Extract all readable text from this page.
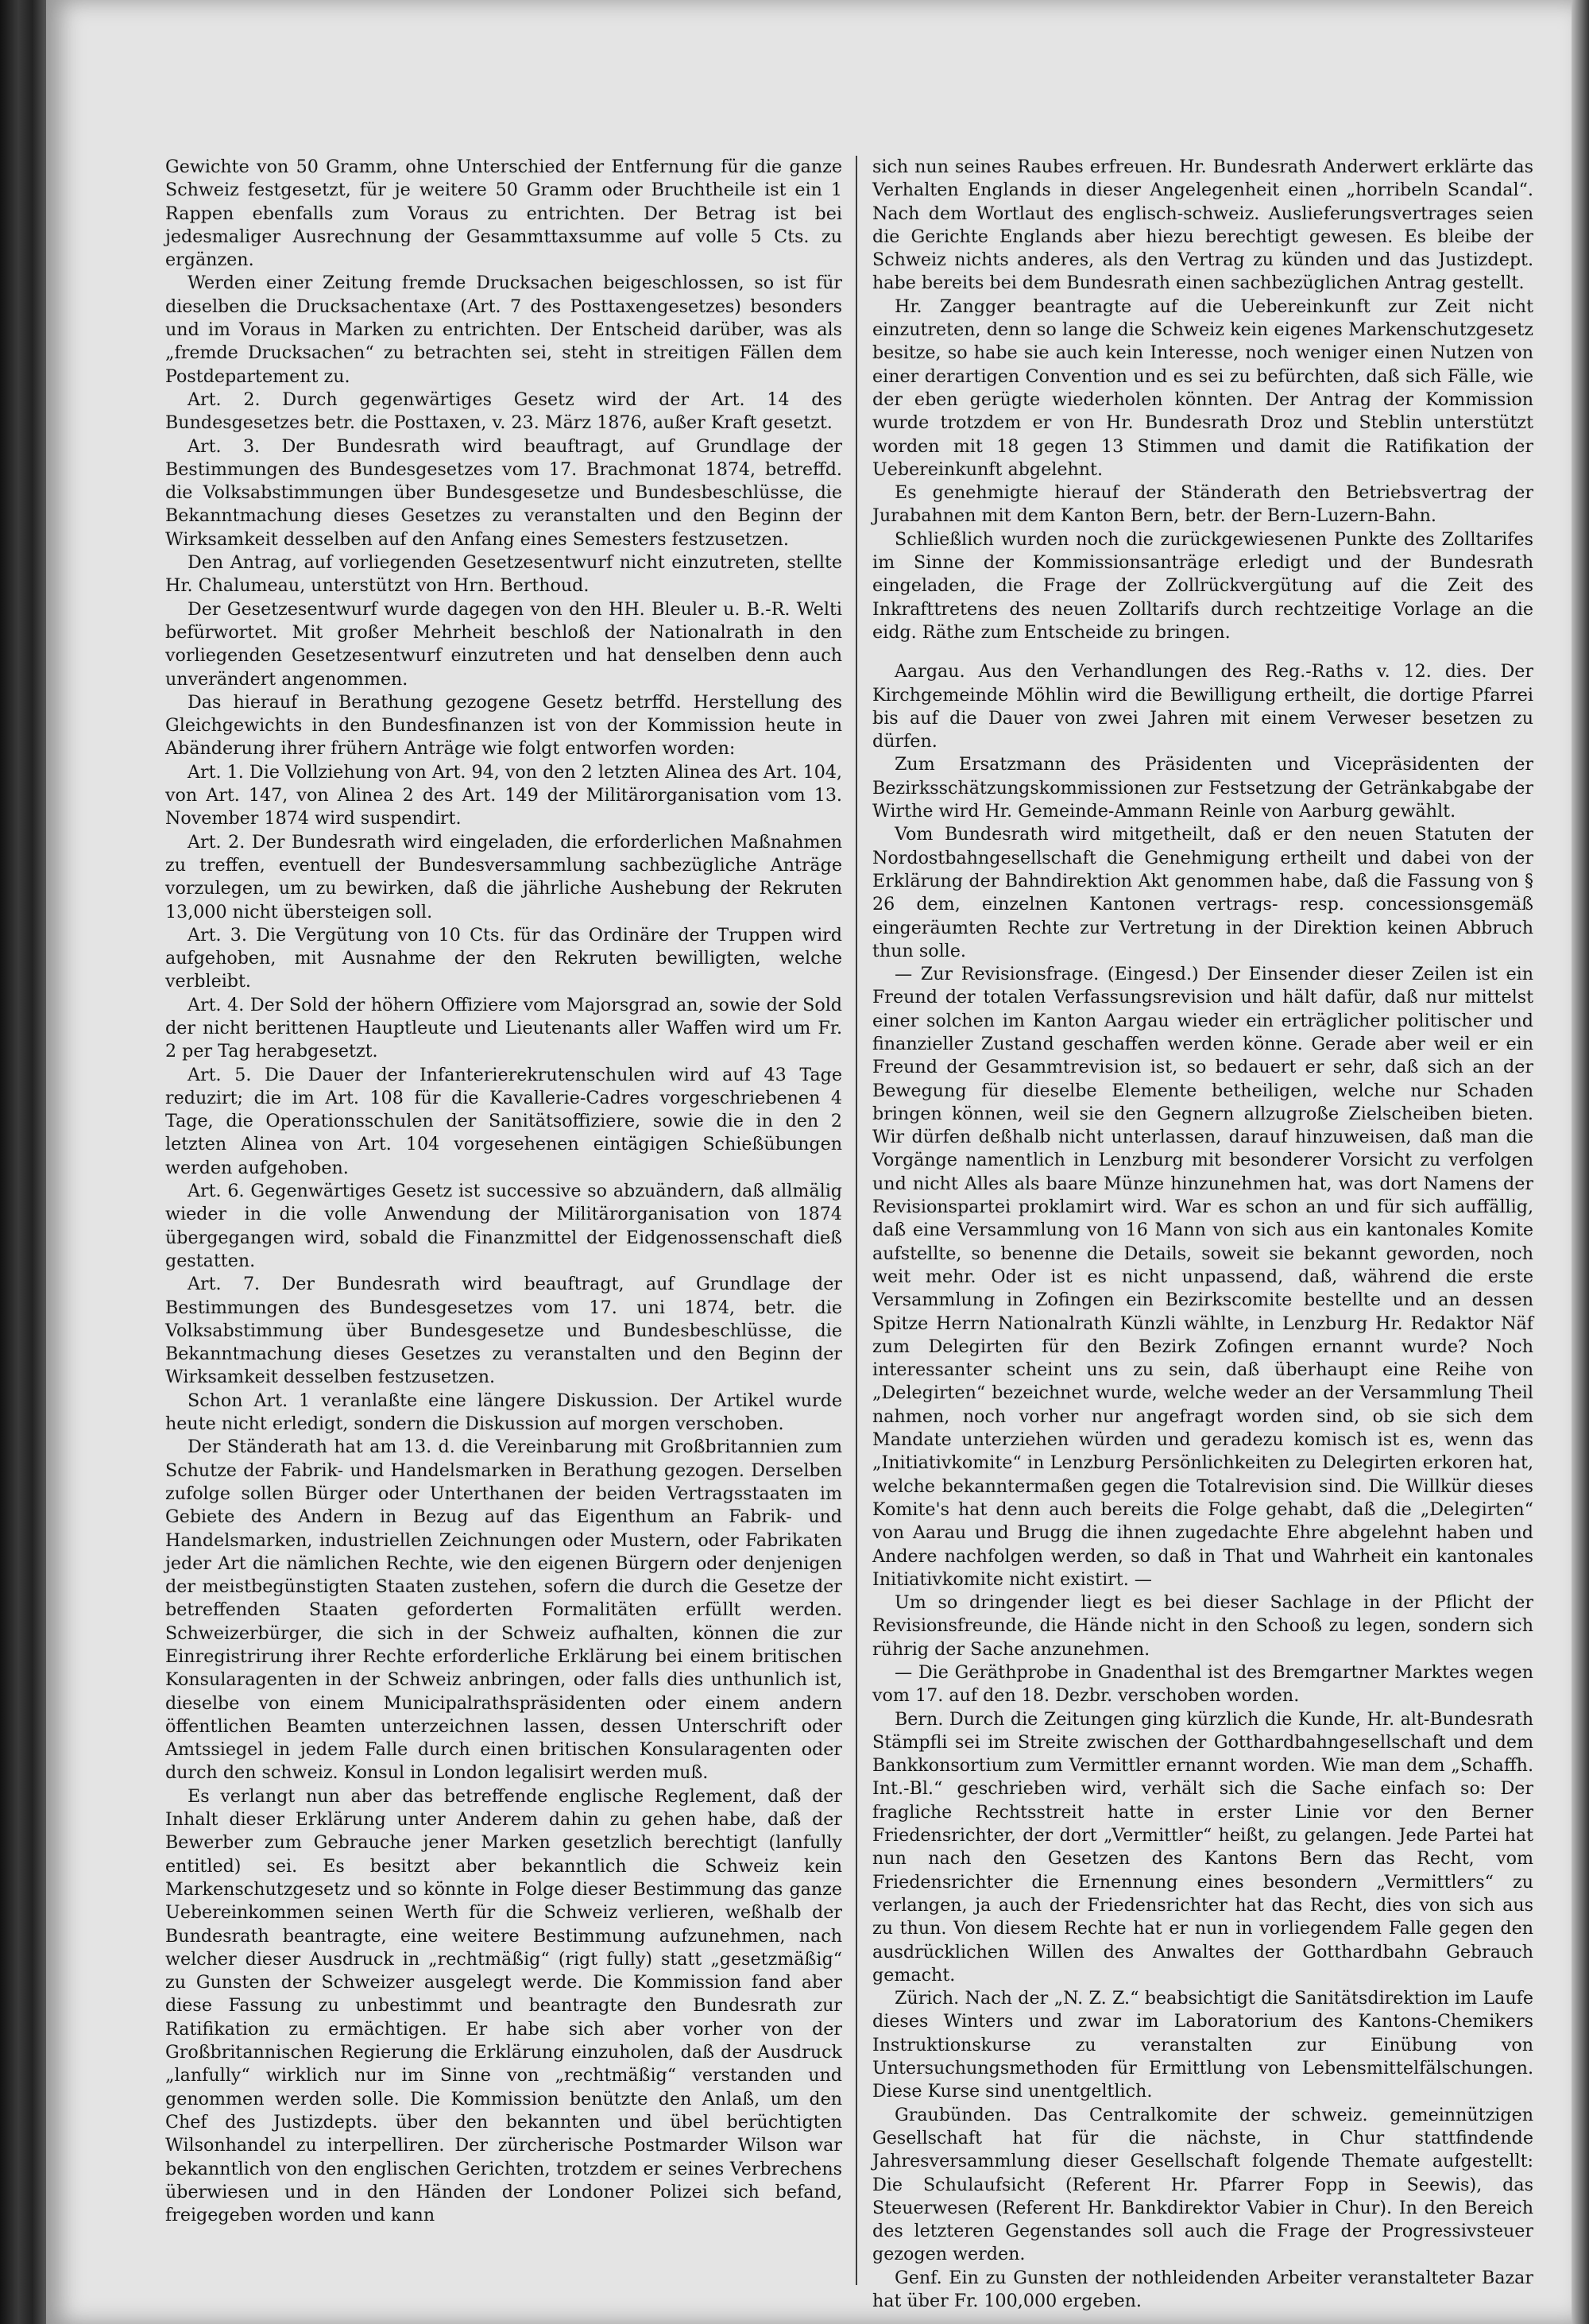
Gewichte von 50 Gramm, ohne Unterschied der Entfernung für die ganze Schweiz festgesetzt, für je weitere 50 Gramm oder Bruchtheile ist ein 1 Rappen ebenfalls zum Voraus zu entrichten. Der Betrag ist bei jedesmaliger Ausrechnung der Gesammttaxsumme auf volle 5 Cts. zu ergänzen.

Werden einer Zeitung fremde Drucksachen beigeschlossen, so ist für dieselben die Drucksachentaxe (Art. 7 des Posttaxengesetzes) besonders und im Voraus in Marken zu entrichten. Der Entscheid darüber, was als „fremde Drucksachen“ zu betrachten sei, steht in streitigen Fällen dem Postdepartement zu.

Art. 2. Durch gegenwärtiges Gesetz wird der Art. 14 des Bundesgesetzes betr. die Posttaxen, v. 23. März 1876, außer Kraft gesetzt.

Art. 3. Der Bundesrath wird beauftragt, auf Grundlage der Bestimmungen des Bundesgesetzes vom 17. Brachmonat 1874, betreffd. die Volksabstimmungen über Bundesgesetze und Bundesbeschlüsse, die Bekanntmachung dieses Gesetzes zu veranstalten und den Beginn der Wirksamkeit desselben auf den Anfang eines Semesters festzusetzen.

Den Antrag, auf vorliegenden Gesetzesentwurf nicht einzutreten, stellte Hr. Chalumeau, unterstützt von Hrn. Berthoud.

Der Gesetzesentwurf wurde dagegen von den HH. Bleuler u. B.-R. Welti befürwortet. Mit großer Mehrheit beschloß der Nationalrath in den vorliegenden Gesetzesentwurf einzutreten und hat denselben denn auch unverändert angenommen.

Das hierauf in Berathung gezogene Gesetz betrffd. Herstellung des Gleichgewichts in den Bundesfinanzen ist von der Kommission heute in Abänderung ihrer frühern Anträge wie folgt entworfen worden:

Art. 1. Die Vollziehung von Art. 94, von den 2 letzten Alinea des Art. 104, von Art. 147, von Alinea 2 des Art. 149 der Militärorganisation vom 13. November 1874 wird suspendirt.

Art. 2. Der Bundesrath wird eingeladen, die erforderlichen Maßnahmen zu treffen, eventuell der Bundesversammlung sachbezügliche Anträge vorzulegen, um zu bewirken, daß die jährliche Aushebung der Rekruten 13,000 nicht übersteigen soll.

Art. 3. Die Vergütung von 10 Cts. für das Ordinäre der Truppen wird aufgehoben, mit Ausnahme der den Rekruten bewilligten, welche verbleibt.

Art. 4. Der Sold der höhern Offiziere vom Majorsgrad an, sowie der Sold der nicht berittenen Hauptleute und Lieutenants aller Waffen wird um Fr. 2 per Tag herabgesetzt.

Art. 5. Die Dauer der Infanterierekrutenschulen wird auf 43 Tage reduzirt; die im Art. 108 für die Kavallerie-Cadres vorgeschriebenen 4 Tage, die Operationsschulen der Sanitätsoffiziere, sowie die in den 2 letzten Alinea von Art. 104 vorgesehenen eintägigen Schießübungen werden aufgehoben.

Art. 6. Gegenwärtiges Gesetz ist successive so abzuändern, daß allmälig wieder in die volle Anwendung der Militärorganisation von 1874 übergegangen wird, sobald die Finanzmittel der Eidgenossenschaft dieß gestatten.

Art. 7. Der Bundesrath wird beauftragt, auf Grundlage der Bestimmungen des Bundesgesetzes vom 17. uni 1874, betr. die Volksabstimmung über Bundesgesetze und Bundesbeschlüsse, die Bekanntmachung dieses Gesetzes zu veranstalten und den Beginn der Wirksamkeit desselben festzusetzen.

Schon Art. 1 veranlaßte eine längere Diskussion. Der Artikel wurde heute nicht erledigt, sondern die Diskussion auf morgen verschoben.

Der Ständerath hat am 13. d. die Vereinbarung mit Großbritannien zum Schutze der Fabrik- und Handelsmarken in Berathung gezogen. Derselben zufolge sollen Bürger oder Unterthanen der beiden Vertragsstaaten im Gebiete des Andern in Bezug auf das Eigenthum an Fabrik- und Handelsmarken, industriellen Zeichnungen oder Mustern, oder Fabrikaten jeder Art die nämlichen Rechte, wie den eigenen Bürgern oder denjenigen der meistbegünstigten Staaten zustehen, sofern die durch die Gesetze der betreffenden Staaten geforderten Formalitäten erfüllt werden. Schweizerbürger, die sich in der Schweiz aufhalten, können die zur Einregistrirung ihrer Rechte erforderliche Erklärung bei einem britischen Konsularagenten in der Schweiz anbringen, oder falls dies unthunlich ist, dieselbe von einem Municipalrathspräsidenten oder einem andern öffentlichen Beamten unterzeichnen lassen, dessen Unterschrift oder Amtssiegel in jedem Falle durch einen britischen Konsularagenten oder durch den schweiz. Konsul in London legalisirt werden muß.

Es verlangt nun aber das betreffende englische Reglement, daß der Inhalt dieser Erklärung unter Anderem dahin zu gehen habe, daß der Bewerber zum Gebrauche jener Marken gesetzlich berechtigt (lanfully entitled) sei. Es besitzt aber bekanntlich die Schweiz kein Markenschutzgesetz und so könnte in Folge dieser Bestimmung das ganze Uebereinkommen seinen Werth für die Schweiz verlieren, weßhalb der Bundesrath beantragte, eine weitere Bestimmung aufzunehmen, nach welcher dieser Ausdruck in „rechtmäßig“ (rigt fully) statt „gesetzmäßig“ zu Gunsten der Schweizer ausgelegt werde. Die Kommission fand aber diese Fassung zu unbestimmt und beantragte den Bundesrath zur Ratifikation zu ermächtigen. Er habe sich aber vorher von der Großbritannischen Regierung die Erklärung einzuholen, daß der Ausdruck „lanfully“ wirklich nur im Sinne von „rechtmäßig“ verstanden und genommen werden solle. Die Kommission benützte den Anlaß, um den Chef des Justizdepts. über den bekannten und übel berüchtigten Wilsonhandel zu interpelliren. Der zürcherische Postmarder Wilson war bekanntlich von den englischen Gerichten, trotzdem er seines Verbrechens überwiesen und in den Händen der Londoner Polizei sich befand, freigegeben worden und kann

sich nun seines Raubes erfreuen. Hr. Bundesrath Anderwert erklärte das Verhalten Englands in dieser Angelegenheit einen „horribeln Scandal“. Nach dem Wortlaut des englisch-schweiz. Auslieferungsvertrages seien die Gerichte Englands aber hiezu berechtigt gewesen. Es bleibe der Schweiz nichts anderes, als den Vertrag zu künden und das Justizdept. habe bereits bei dem Bundesrath einen sachbezüglichen Antrag gestellt.

Hr. Zangger beantragte auf die Uebereinkunft zur Zeit nicht einzutreten, denn so lange die Schweiz kein eigenes Markenschutzgesetz besitze, so habe sie auch kein Interesse, noch weniger einen Nutzen von einer derartigen Convention und es sei zu befürchten, daß sich Fälle, wie der eben gerügte wiederholen könnten. Der Antrag der Kommission wurde trotzdem er von Hr. Bundesrath Droz und Steblin unterstützt worden mit 18 gegen 13 Stimmen und damit die Ratifikation der Uebereinkunft abgelehnt.

Es genehmigte hierauf der Ständerath den Betriebsvertrag der Jurabahnen mit dem Kanton Bern, betr. der Bern-Luzern-Bahn.

Schließlich wurden noch die zurückgewiesenen Punkte des Zolltarifes im Sinne der Kommissionsanträge erledigt und der Bundesrath eingeladen, die Frage der Zollrückvergütung auf die Zeit des Inkrafttretens des neuen Zolltarifs durch rechtzeitige Vorlage an die eidg. Räthe zum Entscheide zu bringen.

Aargau. Aus den Verhandlungen des Reg.-Raths v. 12. dies. Der Kirchgemeinde Möhlin wird die Bewilligung ertheilt, die dortige Pfarrei bis auf die Dauer von zwei Jahren mit einem Verweser besetzen zu dürfen.

Zum Ersatzmann des Präsidenten und Vicepräsidenten der Bezirksschätzungskommissionen zur Festsetzung der Getränkabgabe der Wirthe wird Hr. Gemeinde-Ammann Reinle von Aarburg gewählt.

Vom Bundesrath wird mitgetheilt, daß er den neuen Statuten der Nordostbahngesellschaft die Genehmigung ertheilt und dabei von der Erklärung der Bahndirektion Akt genommen habe, daß die Fassung von § 26 dem, einzelnen Kantonen vertrags- resp. concessionsgemäß eingeräumten Rechte zur Vertretung in der Direktion keinen Abbruch thun solle.

— Zur Revisionsfrage. (Eingesd.) Der Einsender dieser Zeilen ist ein Freund der totalen Verfassungsrevision und hält dafür, daß nur mittelst einer solchen im Kanton Aargau wieder ein erträglicher politischer und finanzieller Zustand geschaffen werden könne. Gerade aber weil er ein Freund der Gesammtrevision ist, so bedauert er sehr, daß sich an der Bewegung für dieselbe Elemente betheiligen, welche nur Schaden bringen können, weil sie den Gegnern allzugroße Zielscheiben bieten. Wir dürfen deßhalb nicht unterlassen, darauf hinzuweisen, daß man die Vorgänge namentlich in Lenzburg mit besonderer Vorsicht zu verfolgen und nicht Alles als baare Münze hinzunehmen hat, was dort Namens der Revisionspartei proklamirt wird. War es schon an und für sich auffällig, daß eine Versammlung von 16 Mann von sich aus ein kantonales Komite aufstellte, so benenne die Details, soweit sie bekannt geworden, noch weit mehr. Oder ist es nicht unpassend, daß, während die erste Versammlung in Zofingen ein Bezirkscomite bestellte und an dessen Spitze Herrn Nationalrath Künzli wählte, in Lenzburg Hr. Redaktor Näf zum Delegirten für den Bezirk Zofingen ernannt wurde? Noch interessanter scheint uns zu sein, daß überhaupt eine Reihe von „Delegirten“ bezeichnet wurde, welche weder an der Versammlung Theil nahmen, noch vorher nur angefragt worden sind, ob sie sich dem Mandate unterziehen würden und geradezu komisch ist es, wenn das „Initiativkomite“ in Lenzburg Persönlichkeiten zu Delegirten erkoren hat, welche bekanntermaßen gegen die Totalrevision sind. Die Willkür dieses Komite's hat denn auch bereits die Folge gehabt, daß die „Delegirten“ von Aarau und Brugg die ihnen zugedachte Ehre abgelehnt haben und Andere nachfolgen werden, so daß in That und Wahrheit ein kantonales Initiativkomite nicht existirt. —

Um so dringender liegt es bei dieser Sachlage in der Pflicht der Revisionsfreunde, die Hände nicht in den Schooß zu legen, sondern sich rührig der Sache anzunehmen.

— Die Geräthprobe in Gnadenthal ist des Bremgartner Marktes wegen vom 17. auf den 18. Dezbr. verschoben worden.

Bern. Durch die Zeitungen ging kürzlich die Kunde, Hr. alt-Bundesrath Stämpfli sei im Streite zwischen der Gotthardbahngesellschaft und dem Bankkonsortium zum Vermittler ernannt worden. Wie man dem „Schaffh. Int.-Bl.“ geschrieben wird, verhält sich die Sache einfach so: Der fragliche Rechtsstreit hatte in erster Linie vor den Berner Friedensrichter, der dort „Vermittler“ heißt, zu gelangen. Jede Partei hat nun nach den Gesetzen des Kantons Bern das Recht, vom Friedensrichter die Ernennung eines besondern „Vermittlers“ zu verlangen, ja auch der Friedensrichter hat das Recht, dies von sich aus zu thun. Von diesem Rechte hat er nun in vorliegendem Falle gegen den ausdrücklichen Willen des Anwaltes der Gotthardbahn Gebrauch gemacht.

Zürich. Nach der „N. Z. Z.“ beabsichtigt die Sanitätsdirektion im Laufe dieses Winters und zwar im Laboratorium des Kantons-Chemikers Instruktionskurse zu veranstalten zur Einübung von Untersuchungsmethoden für Ermittlung von Lebensmittelfälschungen. Diese Kurse sind unentgeltlich.

Graubünden. Das Centralkomite der schweiz. gemeinnützigen Gesellschaft hat für die nächste, in Chur stattfindende Jahresversammlung dieser Gesellschaft folgende Themate aufgestellt: Die Schulaufsicht (Referent Hr. Pfarrer Fopp in Seewis), das Steuerwesen (Referent Hr. Bankdirektor Vabier in Chur). In den Bereich des letzteren Gegenstandes soll auch die Frage der Progressivsteuer gezogen werden.

Genf. Ein zu Gunsten der nothleidenden Arbeiter veranstalteter Bazar hat über Fr. 100,000 ergeben.
